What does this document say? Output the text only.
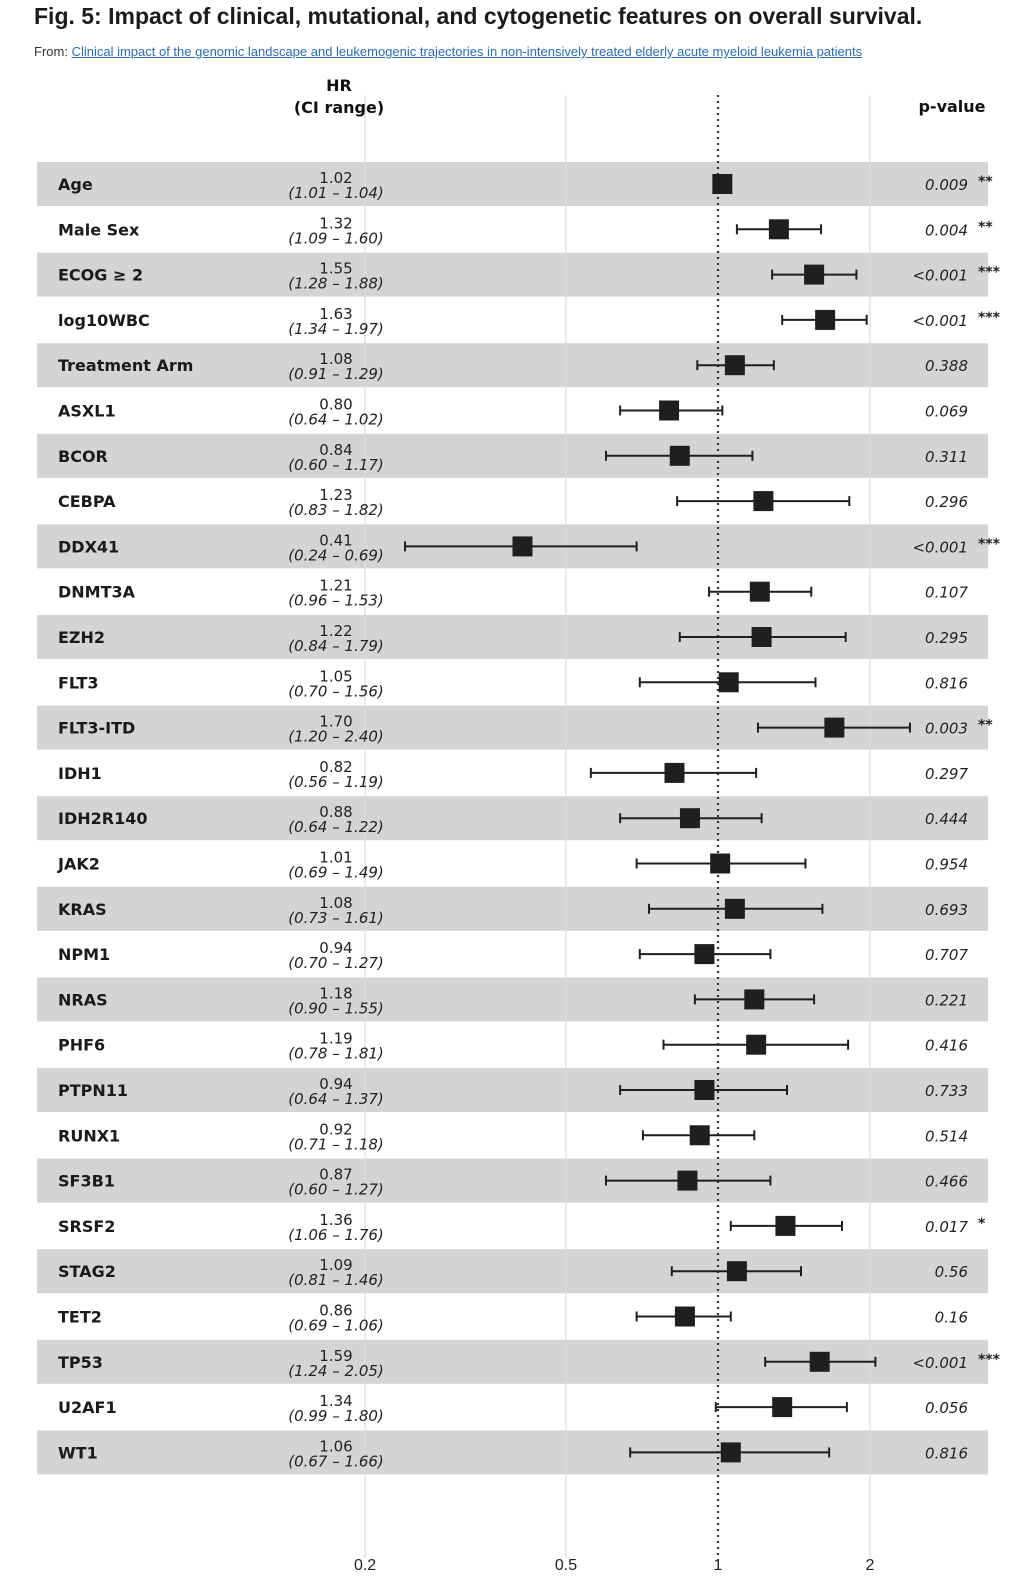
Fig. 5: Impact of clinical, mutational, and cytogenetic features on overall survival.
From: Clinical impact of the genomic landscape and leukemogenic trajectories in non-intensively treated elderly acute myeloid leukemia patients
HR
(CI range)	p-value
Age	1.02
(1.01 – 1.04)	0.009 **
Male Sex	1.32
(1.09 – 1.60)	0.004 **
ECOG ≥ 2	1.55
(1.28 – 1.88)	<0.001 ***
log10WBC	1.63
(1.34 – 1.97)	<0.001 ***
Treatment Arm	1.08
(0.91 – 1.29)	0.388
ASXL1	0.80
(0.64 – 1.02)	0.069
BCOR	0.84
(0.60 – 1.17)	0.311
CEBPA	1.23
(0.83 – 1.82)	0.296
DDX41	0.41
(0.24 – 0.69)	<0.001 ***
DNMT3A	1.21
(0.96 – 1.53)	0.107
EZH2	1.22
(0.84 – 1.79)	0.295
FLT3	1.05
(0.70 – 1.56)	0.816
FLT3-ITD	1.70
(1.20 – 2.40)	0.003 **
IDH1	0.82
(0.56 – 1.19)	0.297
IDH2R140	0.88
(0.64 – 1.22)	0.444
JAK2	1.01
(0.69 – 1.49)	0.954
KRAS	1.08
(0.73 – 1.61)	0.693
NPM1	0.94
(0.70 – 1.27)	0.707
NRAS	1.18
(0.90 – 1.55)	0.221
PHF6	1.19
(0.78 – 1.81)	0.416
PTPN11	0.94
(0.64 – 1.37)	0.733
RUNX1	0.92
(0.71 – 1.18)	0.514
SF3B1	0.87
(0.60 – 1.27)	0.466
SRSF2	1.36
(1.06 – 1.76)	0.017 *
STAG2	1.09
(0.81 – 1.46)	0.56
TET2	0.86
(0.69 – 1.06)	0.16
TP53	1.59
(1.24 – 2.05)	<0.001 ***
U2AF1	1.34
(0.99 – 1.80)	0.056
WT1	1.06
(0.67 – 1.66)	0.816
0.2	0.5	1	2
